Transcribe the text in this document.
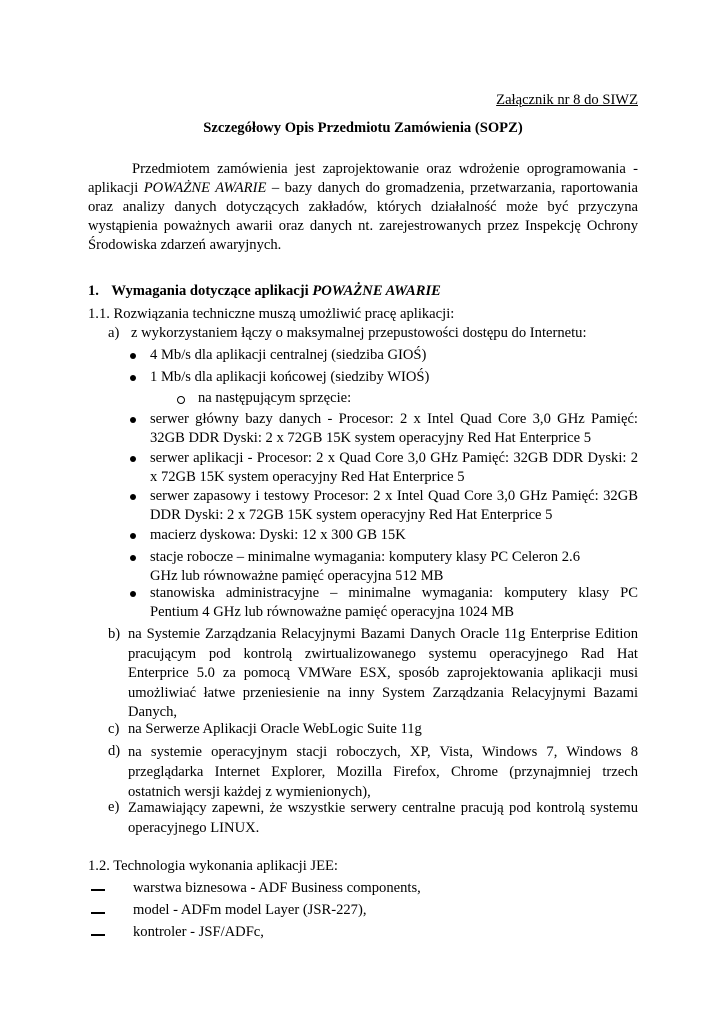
Załącznik nr 8 do SIWZ
Szczegółowy Opis Przedmiotu Zamówienia (SOPZ)

Przedmiotem zamówienia jest zaprojektowanie oraz wdrożenie oprogramowania - aplikacji POWAŻNE AWARIE – bazy danych do gromadzenia, przetwarzania, raportowania oraz analizy danych dotyczących zakładów, których działalność może być przyczyna wystąpienia poważnych awarii oraz danych nt. zarejestrowanych przez Inspekcję Ochrony Środowiska zdarzeń awaryjnych.

1. Wymagania dotyczące aplikacji POWAŻNE AWARIE
1.1. Rozwiązania techniczne muszą umożliwić pracę aplikacji:
a) z wykorzystaniem łączy o maksymalnej przepustowości dostępu do Internetu:
4 Mb/s dla aplikacji centralnej (siedziba GIOŚ)
1 Mb/s dla aplikacji końcowej (siedziby WIOŚ)
na następującym sprzęcie:
serwer główny bazy danych - Procesor: 2 x Intel Quad Core 3,0 GHz Pamięć: 32GB DDR Dyski: 2 x 72GB 15K system operacyjny Red Hat Enterprice 5
serwer aplikacji - Procesor: 2 x Quad Core 3,0 GHz Pamięć: 32GB DDR Dyski: 2 x 72GB 15K system operacyjny Red Hat Enterprice 5
serwer zapasowy i testowy Procesor: 2 x Intel Quad Core 3,0 GHz Pamięć: 32GB DDR Dyski: 2 x 72GB 15K system operacyjny Red Hat Enterprice 5
macierz dyskowa: Dyski: 12 x 300 GB 15K
stacje robocze – minimalne wymagania: komputery klasy PC Celeron 2.6 GHz lub równoważne pamięć operacyjna 512 MB
stanowiska administracyjne – minimalne wymagania: komputery klasy PC Pentium 4 GHz lub równoważne pamięć operacyjna 1024 MB
b) na Systemie Zarządzania Relacyjnymi Bazami Danych Oracle 11g Enterprise Edition pracującym pod kontrolą zwirtualizowanego systemu operacyjnego Rad Hat Enterprice 5.0 za pomocą VMWare ESX, sposób zaprojektowania aplikacji musi umożliwiać łatwe przeniesienie na inny System Zarządzania Relacyjnymi Bazami Danych,
c) na Serwerze Aplikacji Oracle WebLogic Suite 11g
d) na systemie operacyjnym stacji roboczych, XP, Vista, Windows 7, Windows 8 przeglądarka Internet Explorer, Mozilla Firefox, Chrome (przynajmniej trzech ostatnich wersji każdej z wymienionych),
e) Zamawiający zapewni, że wszystkie serwery centralne pracują pod kontrolą systemu operacyjnego LINUX.
1.2. Technologia wykonania aplikacji JEE:
warstwa biznesowa - ADF Business components,
model - ADFm model Layer (JSR-227),
kontroler - JSF/ADFc,
